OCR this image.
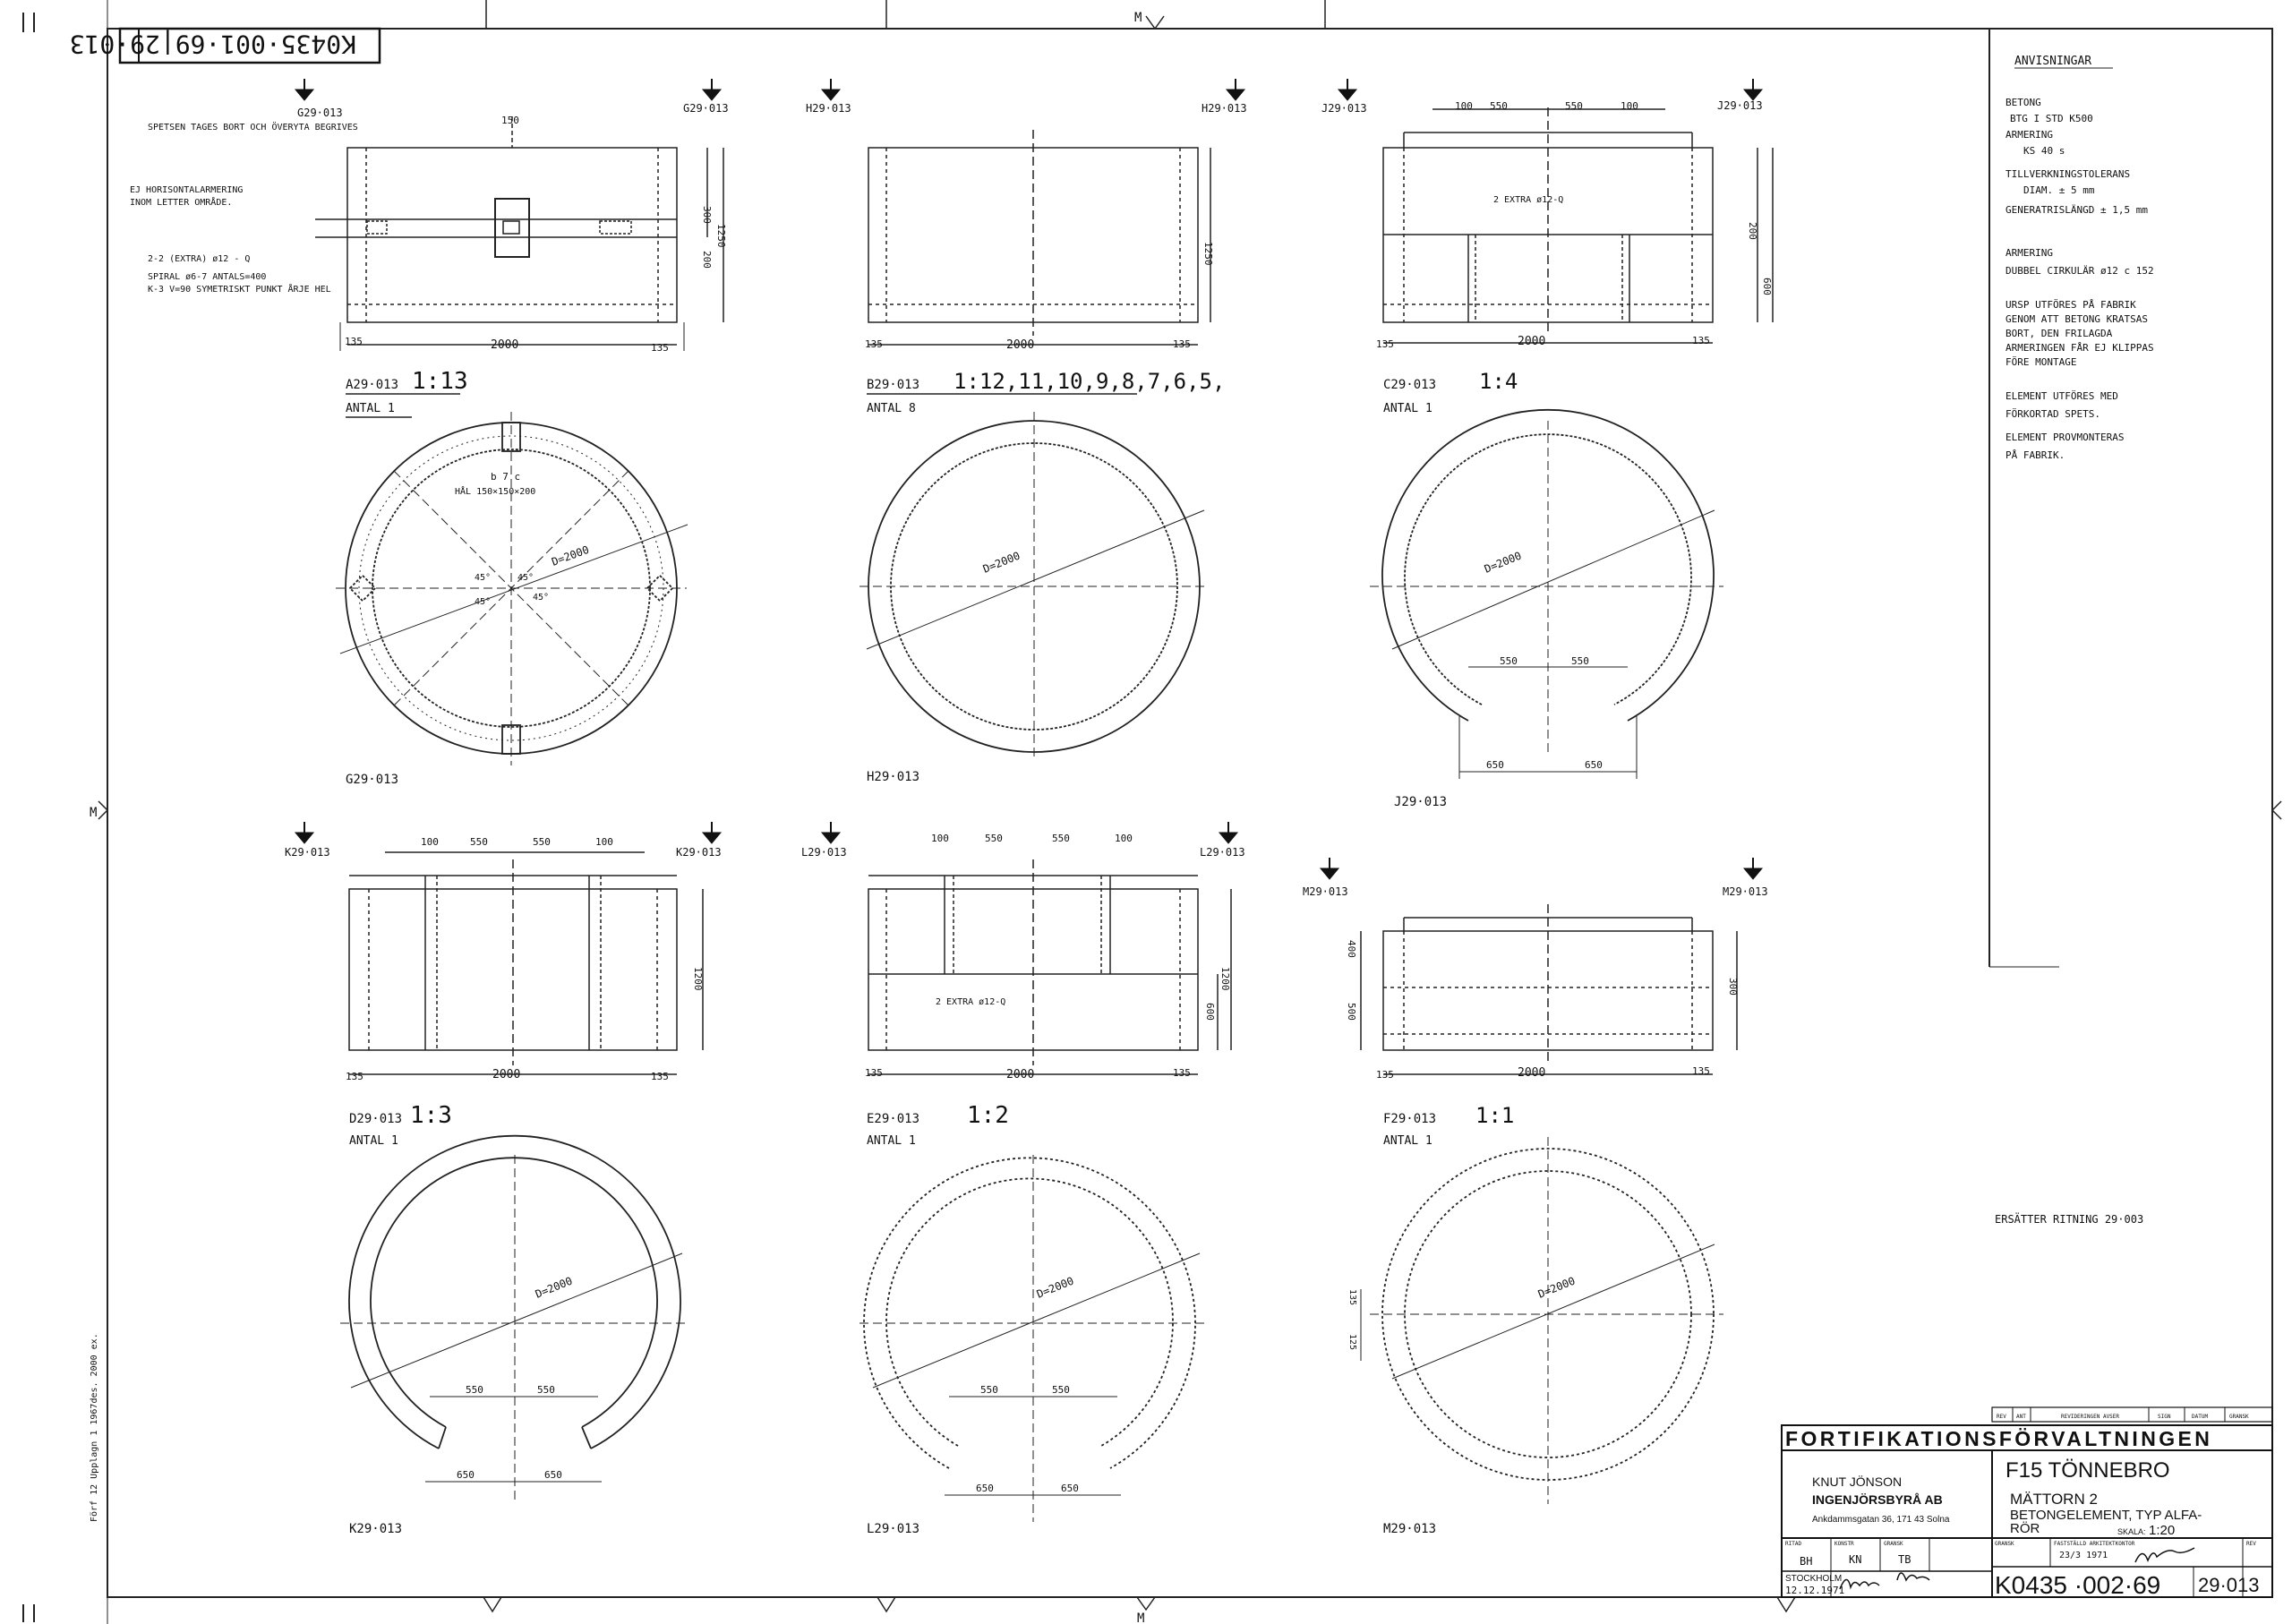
M
M
M
K0435·001·69|29·013
Förf 12 Upplagn 1 1967des. 2000 ex.
G29·013	G29·013
SPETSEN TAGES BORT OCH ÖVERYTA BEGRIVES
EJ HORISONTALARMERING
INOM LETTER OMRÅDE.
2-2 (EXTRA) ø12 - Q
SPIRAL ø6-7 ANTALS=400
K-3 V=90 SYMETRISKT PUNKT ÅRJE HEL
135	2000	135
300
200
1250
150
A29·013 1:13
ANTAL 1
H29·013	H29·013
135	2000	135
1250
B29·013 1:12,11,10,9,8,7,6,5,
ANTAL 8
J29·013	J29·013
100 550	550	100
2 EXTRA ø12-Q
135	2000	135
200
600
C29·013 1:4
ANTAL 1
D=2000
b 7 c
HÅL 150×150×200
45°	45°
45°	45°
G29·013
D=2000
H29·013
D=2000
550	550
650	650
J29·013
K29·013	K29·013
100	550	550	100
135	2000	135
1200
D29·013 1:3
ANTAL 1
L29·013	L29·013
100	550	550	100
2 EXTRA ø12-Q
135	2000	135
600
1200
E29·013 1:2
ANTAL 1
M29·013	M29·013
400
500
300
135	2000	135
F29·013 1:1
ANTAL 1
D=2000
550	550
650	650
K29·013
D=2000
550	550
650	650
L29·013
D=2000
135
125
M29·013
ANVISNINGAR
BETONG
BTG I STD K500
ARMERING
KS 40 s
TILLVERKNINGSTOLERANS
DIAM. ± 5 mm
GENERATRISLÄNGD ± 1,5 mm
ARMERING
DUBBEL CIRKULÄR ø12 c 152
URSP UTFÖRES PÅ FABRIK
GENOM ATT BETONG KRATSAS
BORT, DEN FRILAGDA
ARMERINGEN FÅR EJ KLIPPAS
FÖRE MONTAGE
ELEMENT UTFÖRES MED
FÖRKORTAD SPETS.
ELEMENT PROVMONTERAS
PÅ FABRIK.
ERSÄTTER RITNING 29·003
REV ANT	REVIDERINGEN AVSER	SIGN	DATUM	GRANSK
FORTIFIKATIONSFÖRVALTNINGEN
KNUT JÖNSON
INGENJÖRSBYRÅ AB
Ankdammsgatan 36, 171 43 Solna
F15 TÖNNEBRO
MÄTTORN 2
BETONGELEMENT, TYP ALFA-
RÖR	SKALA: 1:20
RITAD	KONSTR	GRANSK	GRANSK	FASTSTÄLLD ARKITEKTKONTOR	REV
BH	KN	TB	23/3 1971
STOCKHOLM
12.12.1971	K0435 ·002·69 29·013
